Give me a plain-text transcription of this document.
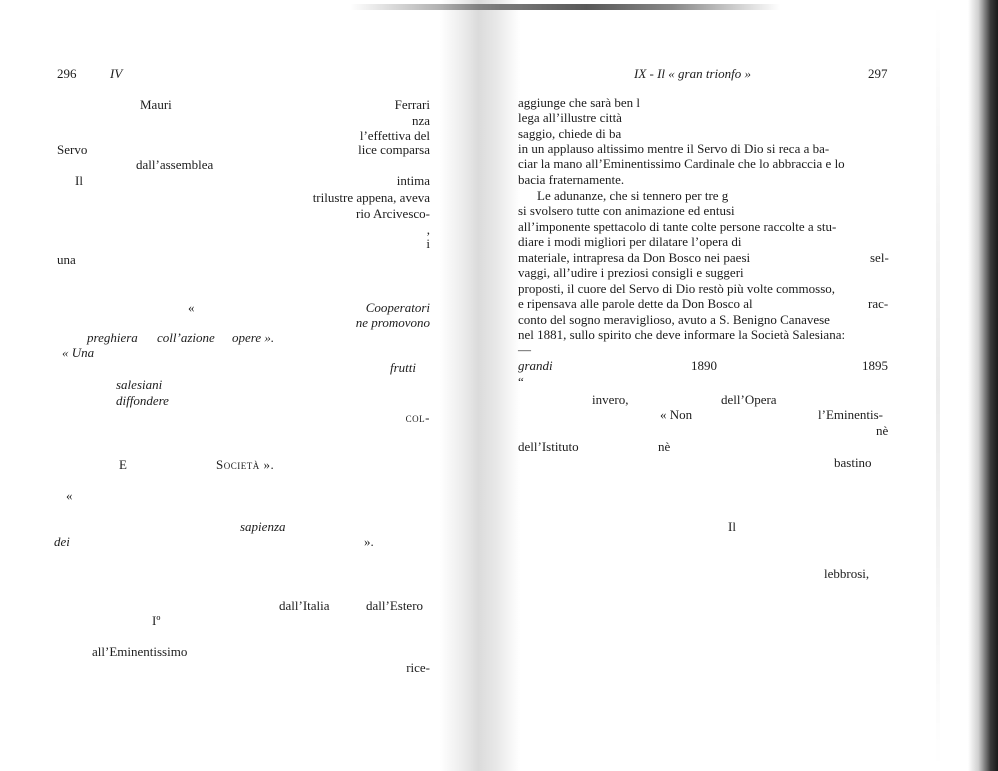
296	IV
Mauri	Ferrari
nza
l’effettiva del
Servo	lice comparsa
dall’assemblea
Il	intima
trilustre appena, aveva
rio Arcivesco-
,
i
una
«	Cooperatori
ne promovono
preghiera coll’azione opere ».
« Una
frutti
salesiani
diffondere
col-
E	Società ».
«
sapienza
dei	».
dall’Italia	dall’Estero
Iº
all’Eminentissimo
rice-
IX - Il « gran trionfo »	297
aggiunge che sarà ben l
lega all’illustre città
saggio, chiede di ba
in un applauso altissimo mentre il Servo di Dio si reca a ba-
ciar la mano all’Eminentissimo Cardinale che lo abbraccia e lo
bacia fraternamente.
Le adunanze, che si tennero per tre g
si svolsero tutte con animazione ed entusi
all’imponente spettacolo di tante colte persone raccolte a stu-
diare i modi migliori per dilatare l’opera di
materiale, intrapresa da Don Bosco nei paesi	sel-
vaggi, all’udire i preziosi consigli e suggeri
proposti, il cuore del Servo di Dio restò più volte commosso,
e ripensava alle parole dette da Don Bosco al	rac-
conto del sogno meraviglioso, avuto a S. Benigno Canavese
nel 1881, sullo spirito che deve informare la Società Salesiana:
—
grandi	1890	1895
“
invero,	dell’Opera
« Non	l’Eminentis-
nè
dell’Istituto	nè
bastino
Il
lebbrosi,
